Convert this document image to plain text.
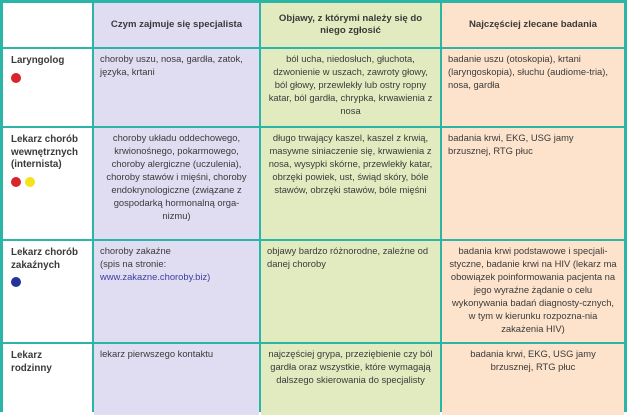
Czym zajmuje się specjalista
Objawy, z którymi należy się do niego zgłosić
Najczęściej zlecane badania
Laryngolog	choroby uszu, nosa, gardła, zatok, języka, krtani
ból ucha, niedosłuch, głuchota, dzwonienie w uszach, zawroty głowy, ból głowy, przewlekły lub ostry ropny katar, ból gardła, chrypka, krwawienia z nosa
badanie uszu (otoskopia), krtani (laryngoskopia), słuchu (audiome-tria), nosa, gardła
Lekarz chorób wewnętrznych (internista)
choroby układu oddechowego, krwionośnego, pokarmowego, choroby alergiczne (uczulenia), choroby stawów i mięśni, choroby endokrynologiczne (związane z gospodarką hormonalną orga-nizmu)
długo trwający kaszel, kaszel z krwią, masywne siniaczenie się, krwawienia z nosa, wysypki skórne, przewlekły katar, obrzęki powiek, ust, świąd skóry, bóle stawów, obrzęki stawów, bóle mięśni
badania krwi, EKG, USG jamy brzusznej, RTG płuc
Lekarz chorób zakaźnych
choroby zakaźne
(spis na stronie:
www.zakazne.choroby.biz)
objawy bardzo różnorodne, zależne od danej choroby
badania krwi podstawowe i specjali-styczne, badanie krwi na HIV (lekarz ma obowiązek poinformowania pacjenta na jego wyraźne żądanie o celu wykonywania badań diagnosty-cznych, w tym w kierunku rozpozna-nia zakażenia HIV)
Lekarz rodzinny
lekarz pierwszego kontaktu	najczęściej grypa, przeziębienie czy ból gardła oraz wszystkie, które wymagają dalszego skierowania do specjalisty
badania krwi, EKG, USG jamy brzusznej, RTG płuc
